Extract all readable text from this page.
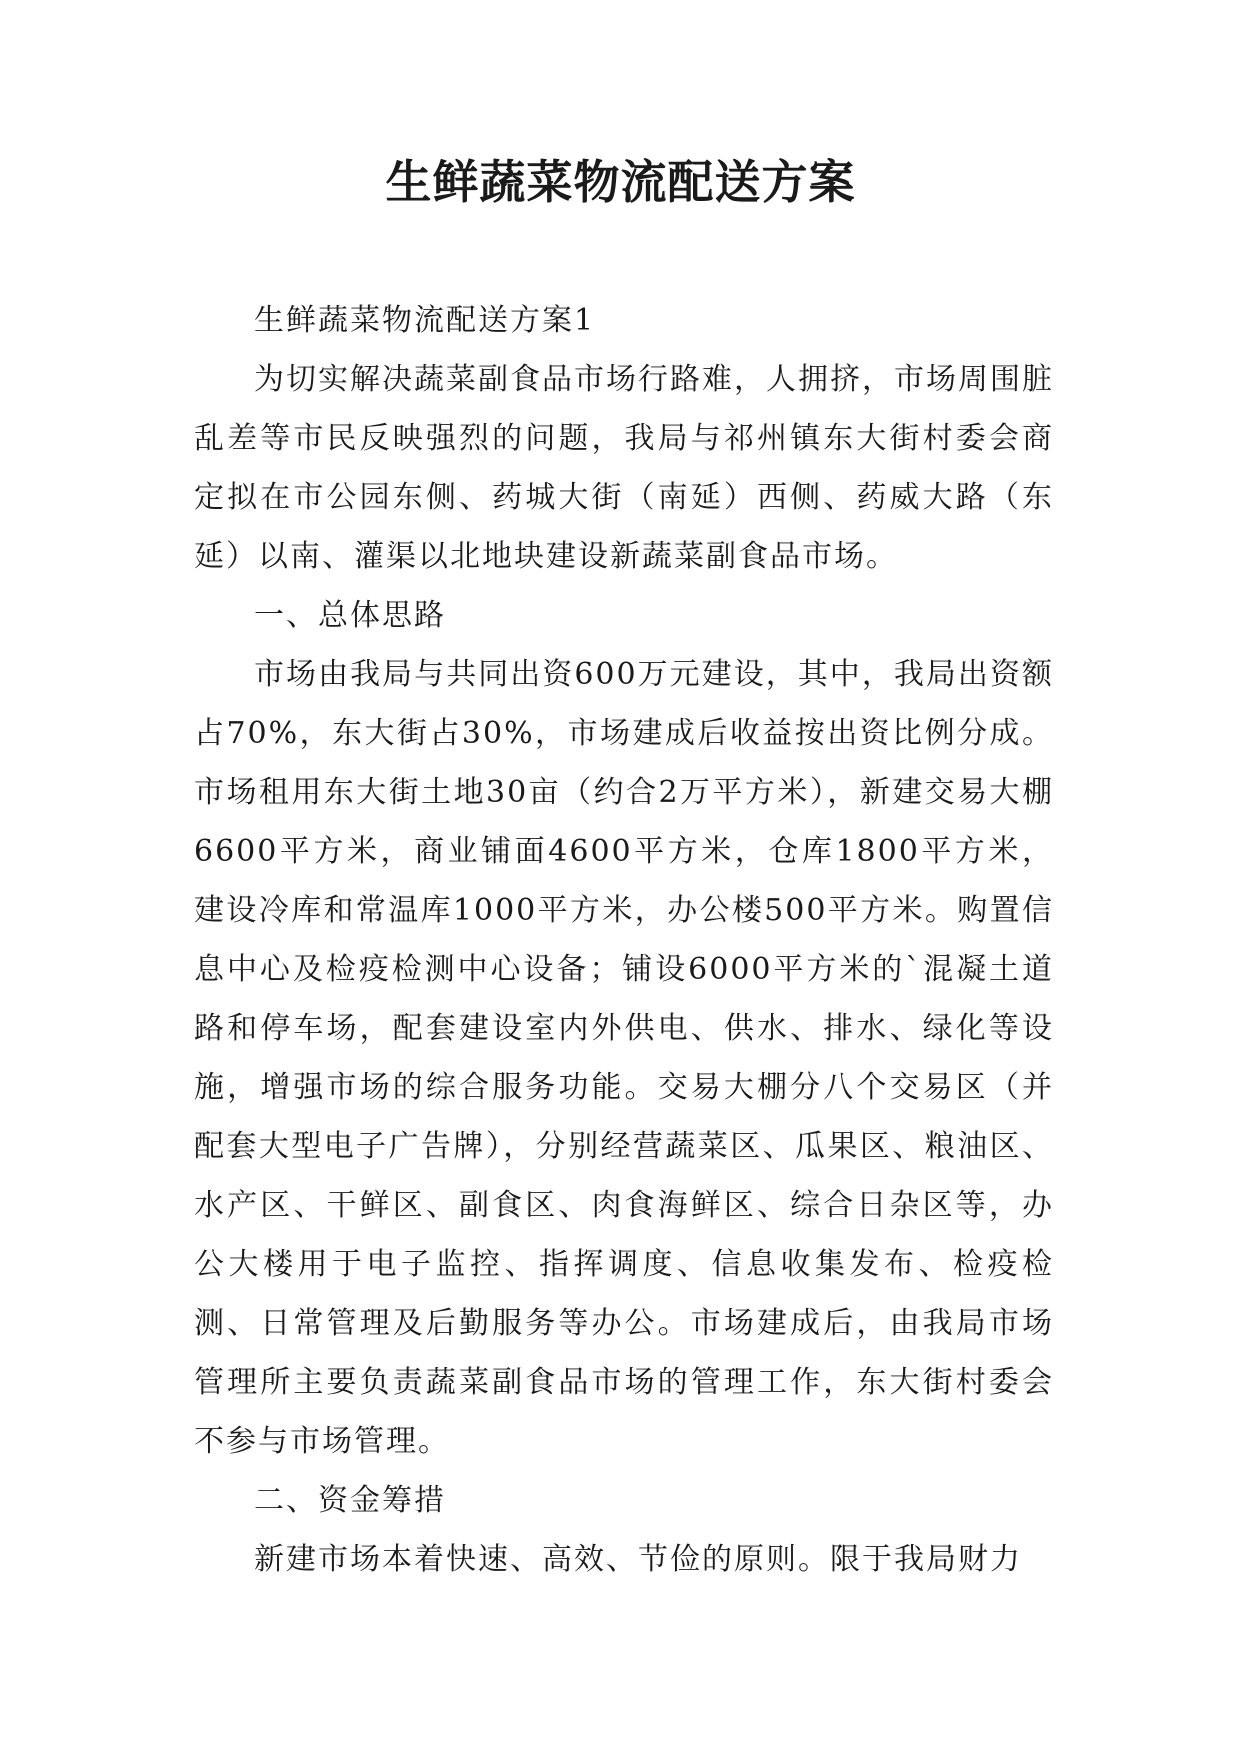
生鲜蔬菜物流配送方案

生鲜蔬菜物流配送方案1

为切实解决蔬菜副食品市场行路难，人拥挤，市场周围脏乱差等市民反映强烈的问题，我局与祁州镇东大街村委会商定拟在市公园东侧、药城大街（南延）西侧、药威大路（东延）以南、灌渠以北地块建设新蔬菜副食品市场。

一、总体思路

市场由我局与共同出资600万元建设，其中，我局出资额占70%，东大街占30%，市场建成后收益按出资比例分成。市场租用东大街土地30亩（约合2万平方米），新建交易大棚6600平方米，商业铺面4600平方米，仓库1800平方米，建设冷库和常温库1000平方米，办公楼500平方米。购置信息中心及检疫检测中心设备；铺设6000平方米的`混凝土道路和停车场，配套建设室内外供电、供水、排水、绿化等设施，增强市场的综合服务功能。交易大棚分八个交易区（并配套大型电子广告牌），分别经营蔬菜区、瓜果区、粮油区、水产区、干鲜区、副食区、肉食海鲜区、综合日杂区等，办公大楼用于电子监控、指挥调度、信息收集发布、检疫检测、日常管理及后勤服务等办公。市场建成后，由我局市场管理所主要负责蔬菜副食品市场的管理工作，东大街村委会不参与市场管理。

二、资金筹措

新建市场本着快速、高效、节俭的原则。限于我局财力
